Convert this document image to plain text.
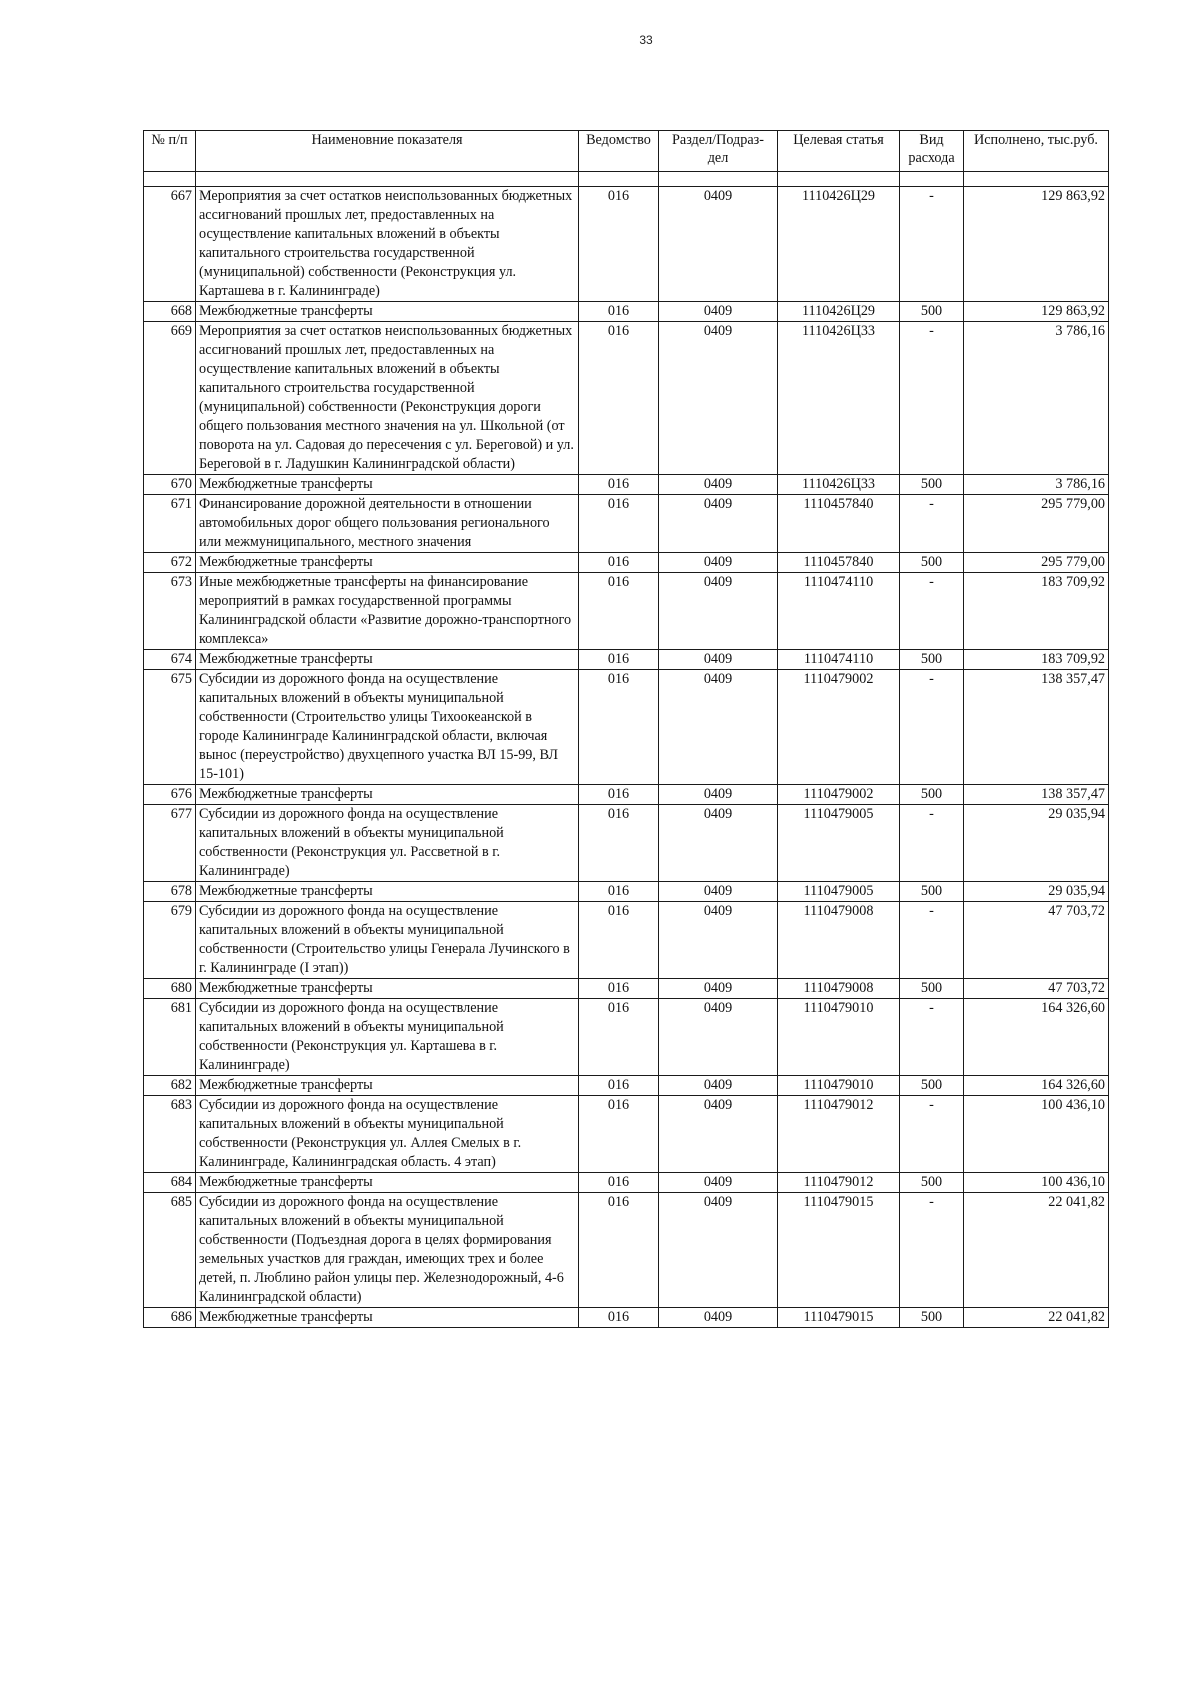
33
№ п/п	Наименовние показателя	Ведомство	Раздел/Подраз-дел	Целевая статья	Вид расхода	Исполнено, тыс.руб.

667	Мероприятия за счет остатков неиспользованных бюджетных ассигнований прошлых лет, предоставленных на осуществление капитальных вложений в объекты капитального строительства государственной (муниципальной) собственности (Реконструкция ул. Карташева в г. Калининграде)	016	0409	1110426Ц29	-	129 863,92
668	Межбюджетные трансферты	016	0409	1110426Ц29	500	129 863,92
669	Мероприятия за счет остатков неиспользованных бюджетных ассигнований прошлых лет, предоставленных на осуществление капитальных вложений в объекты капитального строительства государственной (муниципальной) собственности (Реконструкция дороги общего пользования местного значения на ул. Школьной (от поворота на ул. Садовая до пересечения с ул. Береговой) и ул. Береговой в г. Ладушкин Калининградской области)	016	0409	1110426Ц33	-	3 786,16
670	Межбюджетные трансферты	016	0409	1110426Ц33	500	3 786,16
671	Финансирование дорожной деятельности в отношении автомобильных дорог общего пользования регионального или межмуниципального, местного значения	016	0409	1110457840	-	295 779,00
672	Межбюджетные трансферты	016	0409	1110457840	500	295 779,00
673	Иные межбюджетные трансферты на финансирование мероприятий в рамках государственной программы Калининградской области «Развитие дорожно-транспортного комплекса»	016	0409	1110474110	-	183 709,92
674	Межбюджетные трансферты	016	0409	1110474110	500	183 709,92
675	Субсидии из дорожного фонда на осуществление капитальных вложений в объекты муниципальной собственности (Строительство улицы Тихоокеанской в городе Калининграде Калининградской области, включая вынос (переустройство) двухцепного участка ВЛ 15-99, ВЛ 15-101)	016	0409	1110479002	-	138 357,47
676	Межбюджетные трансферты	016	0409	1110479002	500	138 357,47
677	Субсидии из дорожного фонда на осуществление капитальных вложений в объекты муниципальной собственности (Реконструкция ул. Рассветной в г. Калининграде)	016	0409	1110479005	-	29 035,94
678	Межбюджетные трансферты	016	0409	1110479005	500	29 035,94
679	Субсидии из дорожного фонда на осуществление капитальных вложений в объекты муниципальной собственности (Строительство улицы Генерала Лучинского в г. Калининграде (I этап))	016	0409	1110479008	-	47 703,72
680	Межбюджетные трансферты	016	0409	1110479008	500	47 703,72
681	Субсидии из дорожного фонда на осуществление капитальных вложений в объекты муниципальной собственности (Реконструкция ул. Карташева в г. Калининграде)	016	0409	1110479010	-	164 326,60
682	Межбюджетные трансферты	016	0409	1110479010	500	164 326,60
683	Субсидии из дорожного фонда на осуществление капитальных вложений в объекты муниципальной собственности (Реконструкция ул. Аллея Смелых в г. Калининграде, Калининградская область. 4 этап)	016	0409	1110479012	-	100 436,10
684	Межбюджетные трансферты	016	0409	1110479012	500	100 436,10
685	Субсидии из дорожного фонда на осуществление капитальных вложений в объекты муниципальной собственности (Подъездная дорога в целях формирования земельных участков для граждан, имеющих трех и более детей, п. Люблино район улицы пер. Железнодорожный, 4-6 Калининградской области)	016	0409	1110479015	-	22 041,82
686	Межбюджетные трансферты	016	0409	1110479015	500	22 041,82
